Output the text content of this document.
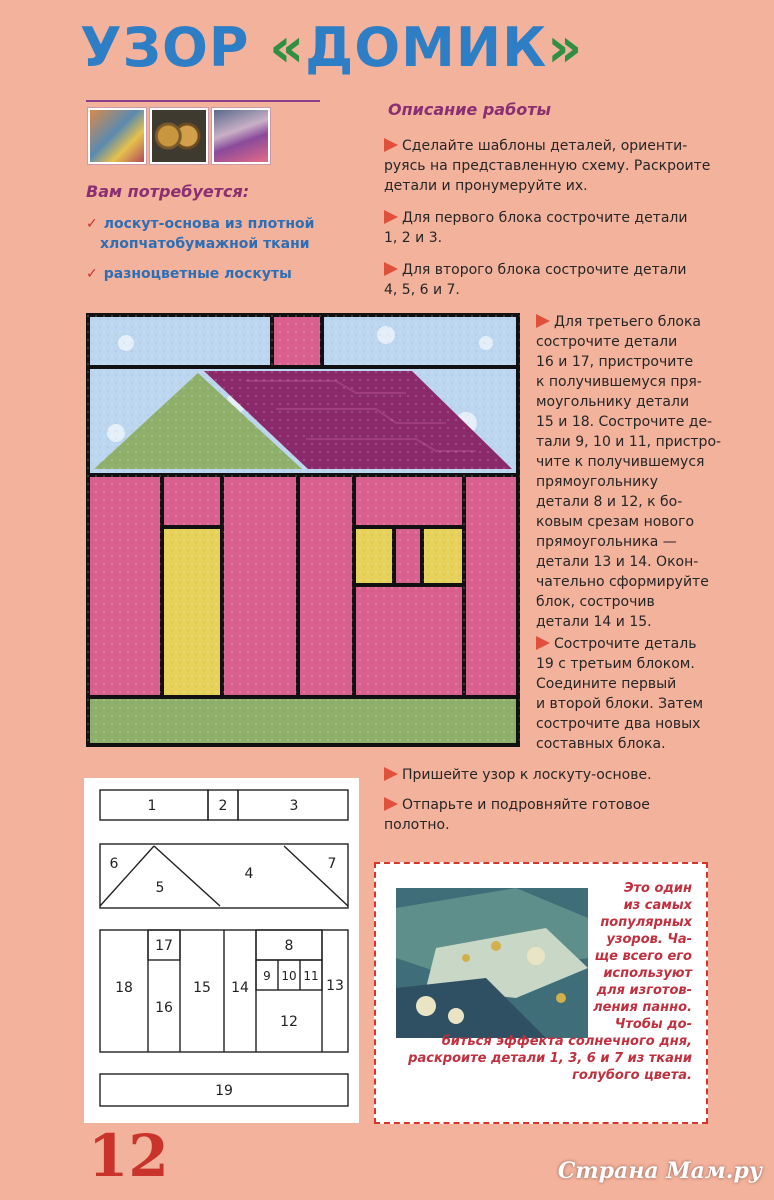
УЗОР «ДОМИК»
Вам потребуется:
✓ лоскут-основа из плотной
хлопчатобумажной ткани
✓ разноцветные лоскуты
Описание работы
Сделайте шаблоны деталей, ориенти-
руясь на представленную схему. Раскроите
детали и пронумеруйте их.
Для первого блока сострочите детали
1, 2 и 3.
Для второго блока сострочите детали
4, 5, 6 и 7.
Для третьего блока
сострочите детали
16 и 17, пристрочите
к получившемуся пря-
моугольнику детали
15 и 18. Сострочите де-
тали 9, 10 и 11, пристро-
чите к получившемуся
прямоугольнику
детали 8 и 12, к бо-
ковым срезам нового
прямоугольника —
детали 13 и 14. Окон-
чательно сформируйте
блок, сострочив
детали 14 и 15.
Сострочите деталь
19 с третьим блоком.
Соедините первый
и второй блоки. Затем
сострочите два новых
составных блока.
Пришейте узор к лоскуту-основе.
Отпарьте и подровняйте готовое
полотно.
1	2	3
4
5
6	7
8
9 10 11
12
13
14
15
16
17
18
19
Это один
из самых
популярных
узоров. Ча-
ще всего его
используют
для изготов-
ления панно.
Чтобы до-
биться эффекта солнечного дня,
раскроите детали 1, 3, 6 и 7 из ткани
голубого цвета.
12	Страна Мам.ру
